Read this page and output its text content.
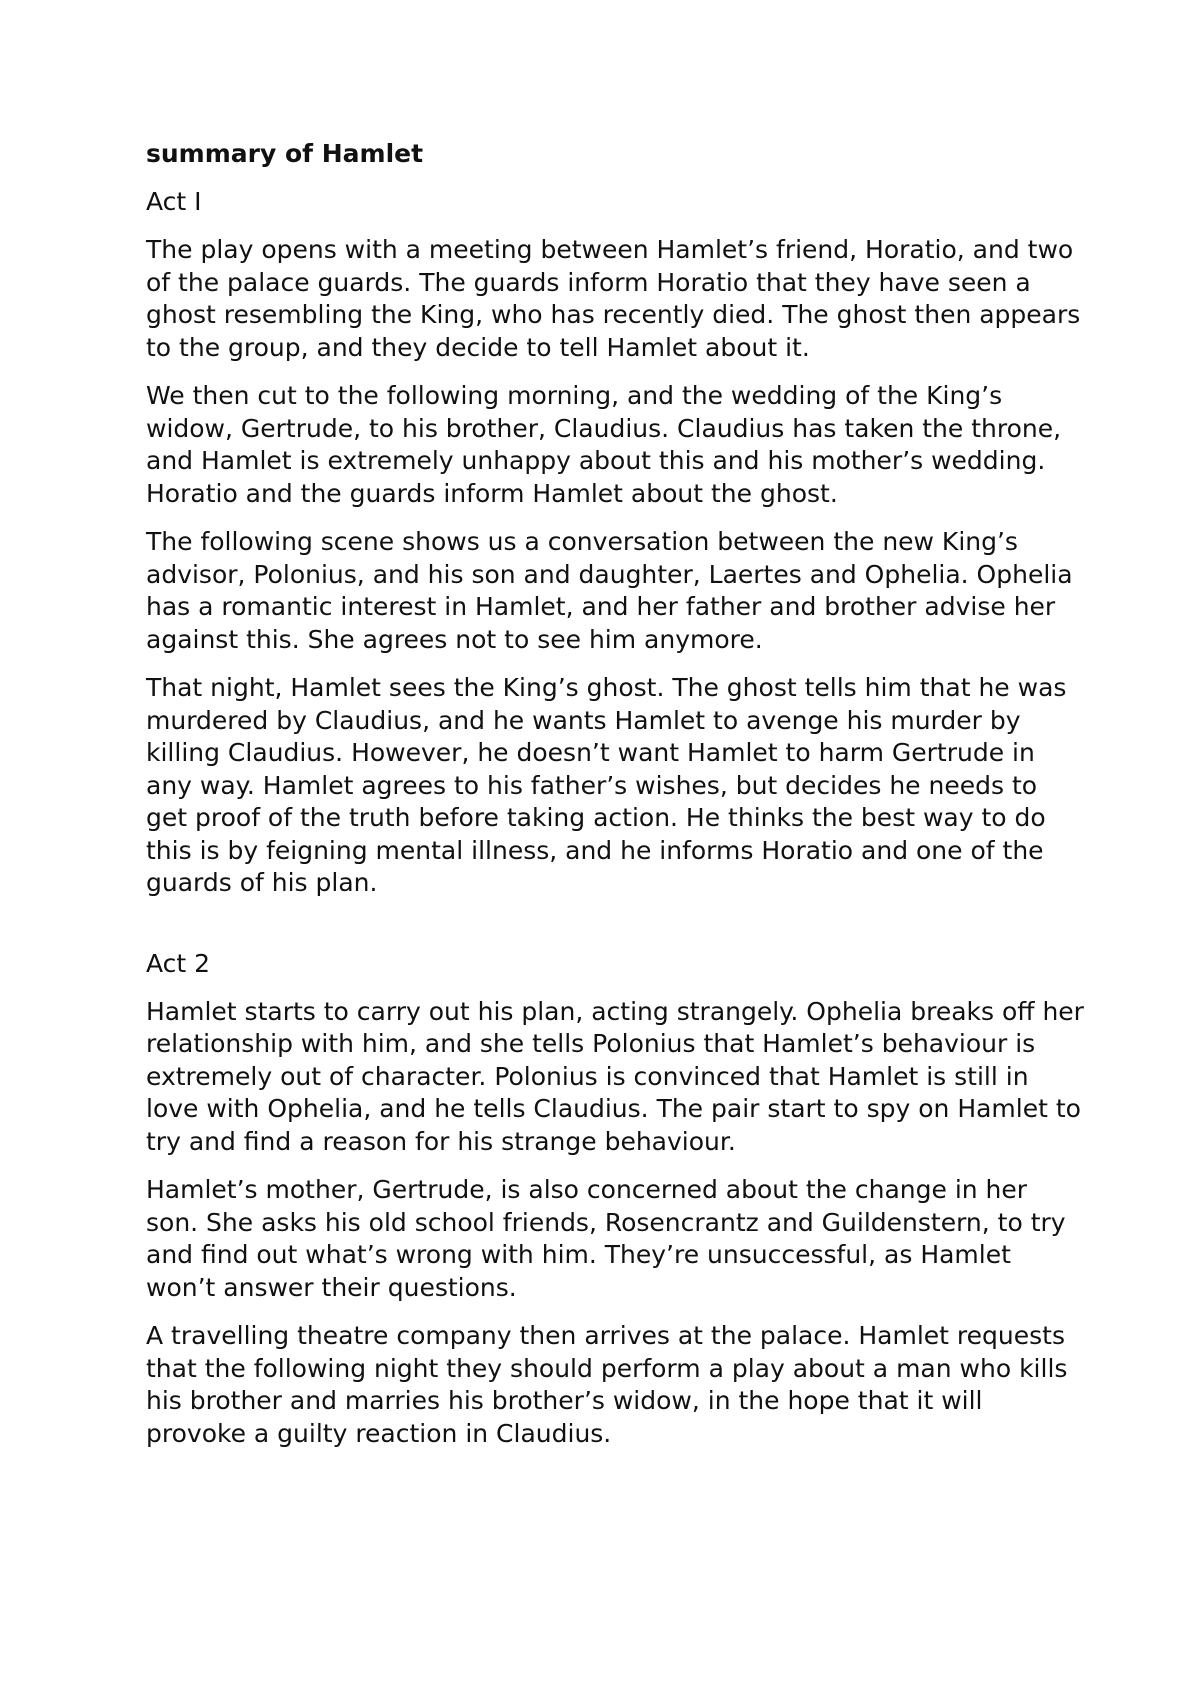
summary of Hamlet
Act I

The play opens with a meeting between Hamlet’s friend, Horatio, and two of the palace guards. The guards inform Horatio that they have seen a ghost resembling the King, who has recently died. The ghost then appears to the group, and they decide to tell Hamlet about it.

We then cut to the following morning, and the wedding of the King’s widow, Gertrude, to his brother, Claudius. Claudius has taken the throne, and Hamlet is extremely unhappy about this and his mother’s wedding. Horatio and the guards inform Hamlet about the ghost.

The following scene shows us a conversation between the new King’s advisor, Polonius, and his son and daughter, Laertes and Ophelia. Ophelia has a romantic interest in Hamlet, and her father and brother advise her against this. She agrees not to see him anymore.

That night, Hamlet sees the King’s ghost. The ghost tells him that he was murdered by Claudius, and he wants Hamlet to avenge his murder by killing Claudius. However, he doesn’t want Hamlet to harm Gertrude in any way. Hamlet agrees to his father’s wishes, but decides he needs to get proof of the truth before taking action. He thinks the best way to do this is by feigning mental illness, and he informs Horatio and one of the guards of his plan.

Act 2

Hamlet starts to carry out his plan, acting strangely. Ophelia breaks off her relationship with him, and she tells Polonius that Hamlet’s behaviour is extremely out of character. Polonius is convinced that Hamlet is still in love with Ophelia, and he tells Claudius. The pair start to spy on Hamlet to try and find a reason for his strange behaviour.

Hamlet’s mother, Gertrude, is also concerned about the change in her son. She asks his old school friends, Rosencrantz and Guildenstern, to try and find out what’s wrong with him. They’re unsuccessful, as Hamlet won’t answer their questions.

A travelling theatre company then arrives at the palace. Hamlet requests that the following night they should perform a play about a man who kills his brother and marries his brother’s widow, in the hope that it will provoke a guilty reaction in Claudius.
